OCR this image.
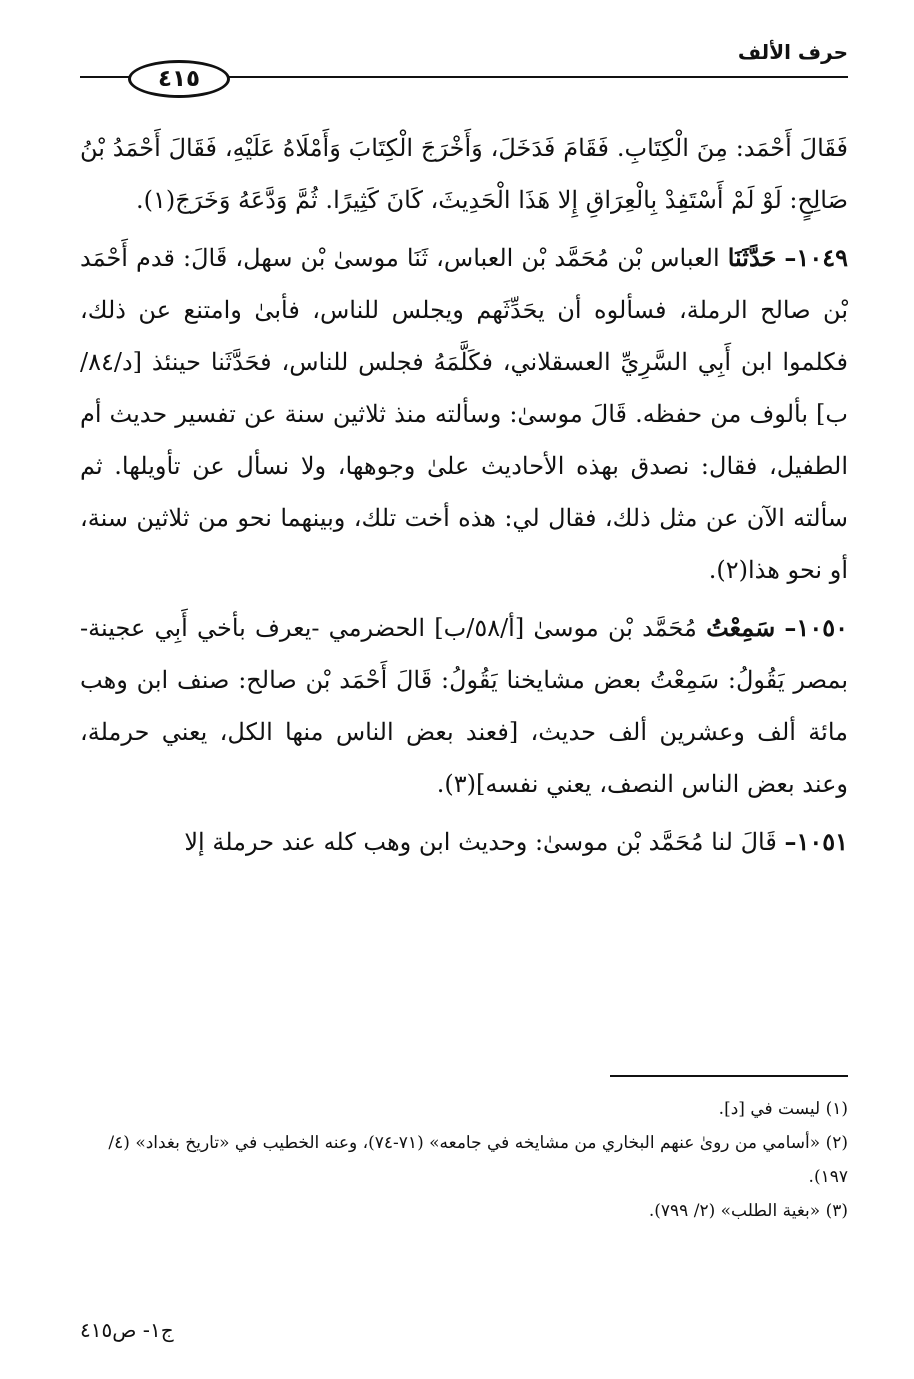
حرف الألف
٤١٥

فَقَالَ أَحْمَد: مِنَ الْكِتَابِ. فَقَامَ فَدَخَلَ، وَأَخْرَجَ الْكِتَابَ وَأَمْلَاهُ عَلَيْهِ، فَقَالَ أَحْمَدُ بْنُ صَالِحٍ: لَوْ لَمْ أَسْتَفِدْ بِالْعِرَاقِ إِلا هَذَا الْحَدِيثَ، كَانَ كَثِيرًا. ثُمَّ وَدَّعَهُ وَخَرَجَ(١).

١٠٤٩– حَدَّثَنَا العباس بْن مُحَمَّد بْن العباس، ثَنَا موسىٰ بْن سهل، قَالَ: قدم أَحْمَد بْن صالح الرملة، فسألوه أن يحَدِّثَهم ويجلس للناس، فأبىٰ وامتنع عن ذلك، فكلموا ابن أَبِي السَّرِيِّ العسقلاني، فكَلَّمَهُ فجلس للناس، فحَدَّثَنا حينئذ [د/٨٤/ب] بألوف من حفظه. قَالَ موسىٰ: وسألته منذ ثلاثين سنة عن تفسير حديث أم الطفيل، فقال: نصدق بهذه الأحاديث علىٰ وجوهها، ولا نسأل عن تأويلها. ثم سألته الآن عن مثل ذلك، فقال لي: هذه أخت تلك، وبينهما نحو من ثلاثين سنة، أو نحو هذا(٢).

١٠٥٠– سَمِعْتُ مُحَمَّد بْن موسىٰ [أ/٥٨/ب] الحضرمي -يعرف بأخي أَبِي عجينة- بمصر يَقُولُ: سَمِعْتُ بعض مشايخنا يَقُولُ: قَالَ أَحْمَد بْن صالح: صنف ابن وهب مائة ألف وعشرين ألف حديث، [فعند بعض الناس منها الكل، يعني حرملة، وعند بعض الناس النصف، يعني نفسه](٣).

١٠٥١– قَالَ لنا مُحَمَّد بْن موسىٰ: وحديث ابن وهب كله عند حرملة إلا

(١) ليست في [د].

(٢) «أسامي من روىٰ عنهم البخاري من مشايخه في جامعه» (٧١-٧٤)، وعنه الخطيب في «تاريخ بغداد» (٤/ ١٩٧).

(٣) «بغية الطلب» (٢/ ٧٩٩).

ج١- ص٤١٥
